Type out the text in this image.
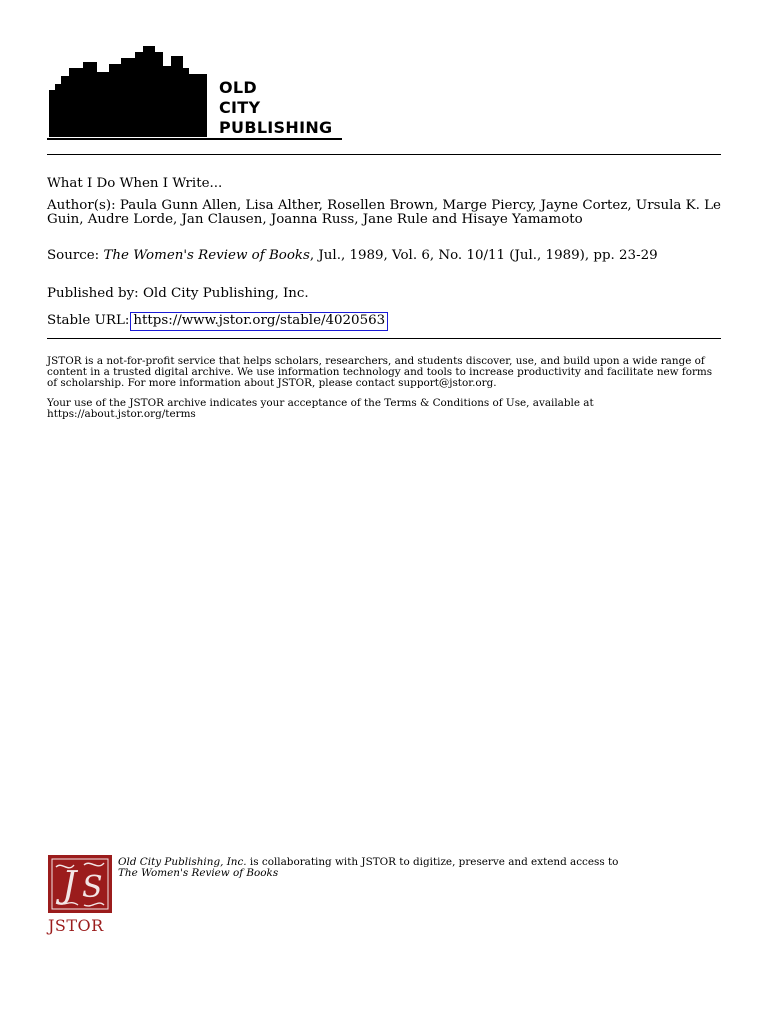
OLD
CITY
PUBLISHING

What I Do When I Write...

Author(s): Paula Gunn Allen, Lisa Alther, Rosellen Brown, Marge Piercy, Jayne Cortez, Ursula K. Le Guin, Audre Lorde, Jan Clausen, Joanna Russ, Jane Rule and Hisaye Yamamoto

Source: The Women's Review of Books, Jul., 1989, Vol. 6, No. 10/11 (Jul., 1989), pp. 23-29

Published by: Old City Publishing, Inc.

Stable URL: https://www.jstor.org/stable/4020563

JSTOR is a not-for-profit service that helps scholars, researchers, and students discover, use, and build upon a wide range of content in a trusted digital archive. We use information technology and tools to increase productivity and facilitate new forms of scholarship. For more information about JSTOR, please contact support@jstor.org.

Your use of the JSTOR archive indicates your acceptance of the Terms & Conditions of Use, available at https://about.jstor.org/terms

J S
JSTOR

Old City Publishing, Inc. is collaborating with JSTOR to digitize, preserve and extend access to

The Women's Review of Books
